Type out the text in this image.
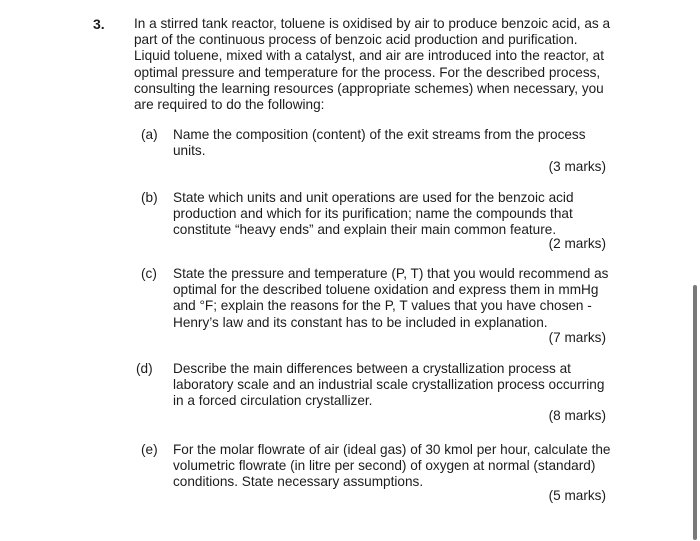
3. In a stirred tank reactor, toluene is oxidised by air to produce benzoic acid, as a part of the continuous process of benzoic acid production and purification. Liquid toluene, mixed with a catalyst, and air are introduced into the reactor, at optimal pressure and temperature for the process. For the described process, consulting the learning resources (appropriate schemes) when necessary, you are required to do the following:
(a) Name the composition (content) of the exit streams from the process units.
(3 marks)
(b) State which units and unit operations are used for the benzoic acid production and which for its purification; name the compounds that constitute “heavy ends” and explain their main common feature.
(2 marks)
(c) State the pressure and temperature (P, T) that you would recommend as optimal for the described toluene oxidation and express them in mmHg and °F; explain the reasons for the P, T values that you have chosen - Henry’s law and its constant has to be included in explanation.
(7 marks)
(d) Describe the main differences between a crystallization process at laboratory scale and an industrial scale crystallization process occurring in a forced circulation crystallizer.
(8 marks)
(e) For the molar flowrate of air (ideal gas) of 30 kmol per hour, calculate the volumetric flowrate (in litre per second) of oxygen at normal (standard) conditions. State necessary assumptions.
(5 marks)
